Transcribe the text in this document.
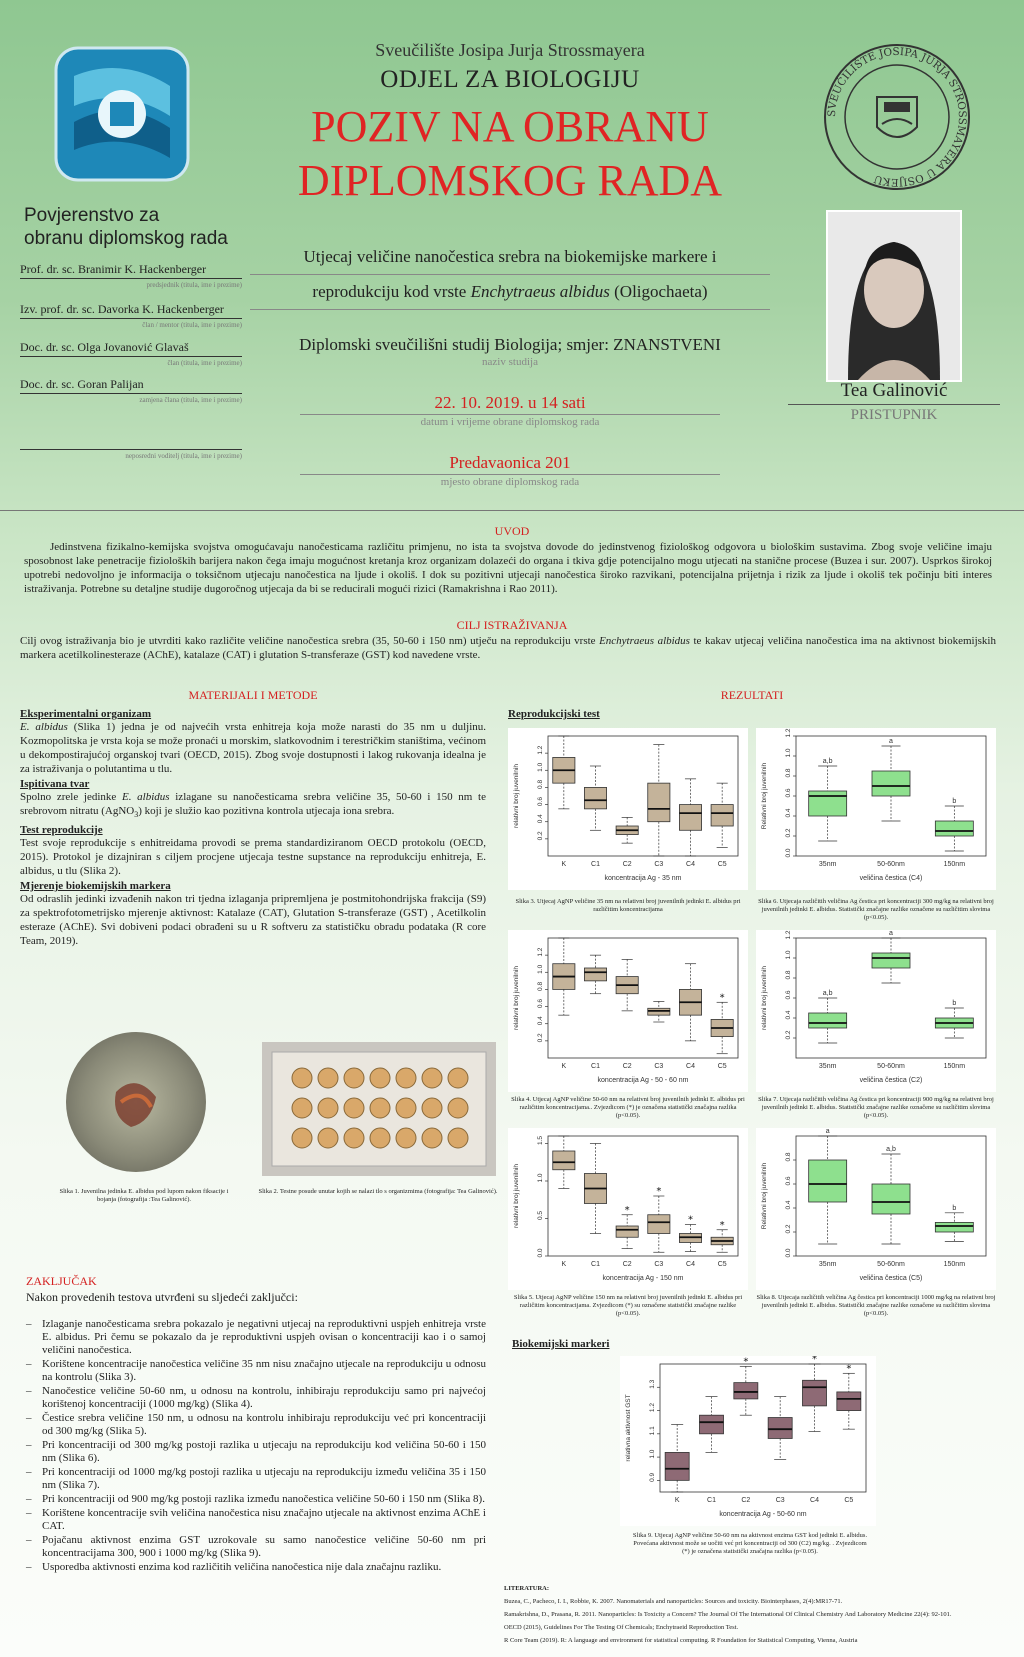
SVEUČILIŠTE JOSIPA JURJA STROSSMAYERA U OSIJEKU
Sveučilište Josipa Jurja Strossmayera
ODJEL ZA BIOLOGIJU
POZIV NA OBRANU
DIPLOMSKOG RADA
Povjerenstvo za
obranu diplomskog rada
Prof. dr. sc. Branimir K. Hackenberger
predsjednik (titula, ime i prezime)
Izv. prof. dr. sc. Davorka K. Hackenberger
član / mentor (titula, ime i prezime)
Doc. dr. sc. Olga Jovanović Glavaš
član (titula, ime i prezime)
Doc. dr. sc. Goran Palijan
zamjena člana (titula, ime i prezime)
neposredni voditelj (titula, ime i prezime)
Utjecaj veličine nanočestica srebra na biokemijske markere i
reprodukciju kod vrste Enchytraeus albidus (Oligochaeta)
Diplomski sveučilišni studij Biologija; smjer: ZNANSTVENI
naziv studija
22. 10. 2019. u 14 sati
datum i vrijeme obrane diplomskog rada
Predavaonica 201
mjesto obrane diplomskog rada
Tea Galinović
PRISTUPNIK
UVOD
Jedinstvena fizikalno-kemijska svojstva omogućavaju nanočesticama različitu primjenu, no ista ta svojstva dovode do jedinstvenog fiziološkog odgovora u biološkim sustavima. Zbog svoje veličine imaju sposobnost lake penetracije fizioloških barijera nakon čega imaju mogućnost kretanja kroz organizam dolazeći do organa i tkiva gdje potencijalno mogu utjecati na stanične procese (Buzea i sur. 2007). Usprkos širokoj upotrebi nedovoljno je informacija o toksičnom utjecaju nanočestica na ljude i okoliš. I dok su pozitivni utjecaji nanočestica široko razvikani, potencijalna prijetnja i rizik za ljude i okoliš tek počinju biti interes istraživanja. Potrebne su detaljne studije dugoročnog utjecaja da bi se reducirali mogući rizici (Ramakrishna i Rao 2011).
CILJ ISTRAŽIVANJA
Cilj ovog istraživanja bio je utvrditi kako različite veličine nanočestica srebra (35, 50-60 i 150 nm) utječu na reprodukciju vrste Enchytraeus albidus te kakav utjecaj veličina nanočestica ima na aktivnost biokemijskih markera acetilkolinesteraze (AChE), katalaze (CAT) i glutation S-transferaze (GST) kod navedene vrste.
MATERIJALI I METODE
Eksperimentalni organizam
E. albidus (Slika 1) jedna je od najvećih vrsta enhitreja koja može narasti do 35 nm u duljinu. Kozmopolitska je vrsta koja se može pronaći u morskim, slatkovodnim i terestričkim staništima, većinom u dekompostirajućoj organskoj tvari (OECD, 2015). Zbog svoje dostupnosti i lakog rukovanja idealna je za istraživanja o polutantima u tlu.
Ispitivana tvar
Spolno zrele jedinke E. albidus izlagane su nanočesticama srebra veličine 35, 50-60 i 150 nm te srebrovom nitratu (AgNO$_3$) koji je služio kao pozitivna kontrola utjecaja iona srebra.
Test reprodukcije
Test svoje reprodukcije s enhitreidama provodi se prema standardiziranom OECD protokolu (OECD, 2015). Protokol je dizajniran s ciljem procjene utjecaja testne supstance na reprodukciju enhitreja, E. albidus, u tlu (Slika 2).
Mjerenje biokemijskih markera
Od odraslih jedinki izvađenih nakon tri tjedna izlaganja pripremljena je postmitohondrijska frakcija (S9) za spektrofotometrijsko mjerenje aktivnost: Katalaze (CAT), Glutation S-transferaze (GST) , Acetilkolin esteraze (AChE). Svi dobiveni podaci obrađeni su u R softveru za statističku obradu podataka (R core Team, 2019).
Slika 1. Juvenilna jedinka E. albidus pod lupom nakon fiksacije i bojanja (fotografija :Tea Galinović).
Slika 2. Testne posude unutar kojih se nalazi tlo s organizmima (fotografija: Tea Galinović).
REZULTATI
Reprodukcijski test
0.2
0.4
0.6
0.8
1.0
1.2
relativni broj juvenilnih
K	C1	C2	C3	C4	C5
koncentracija Ag - 35 nm
Slika 3. Utjecaj AgNP veličine 35 nm na relativni broj juvenilnih jedinki E. albidus pri različitim koncentracijama
0.0
0.2
0.4
0.6
0.8
1.0
1.2
Relativni broj juvenilnih
35nm
a,b
50-60nm
a
150nm
b
veličina čestica (C4)
Slika 6. Utjecaja različitih veličina Ag čestica pri koncentraciji 300 mg/kg na relativni broj juvenilnih jedinki E. albidus. Statistički značajne razlike označene su različitim slovima (p<0.05).
0.2
0.4
0.6
0.8
1.0
1.2
relativni broj juvenilnih
K	C1	C2	C3	C4	C5
*
koncentracija Ag - 50 - 60 nm
Slika 4. Utjecaj AgNP veličine 50-60 nm na relativni broj juvenilnih jedinki E. albidus pri različitim koncentracijama.. Zvjezdicom (*) je označena statistički značajna razlika (p<0.05).
0.2
0.4
0.6
0.8
1.0
1.2
relativni broj juvenilnih
35nm
a,b
50-60nm
a
150nm
b
veličina čestica (C2)
Slika 7. Utjecaja različitih veličina Ag čestica pri koncentraciji 900 mg/kg na relativni broj juvenilnih jedinki E. albidus. Statistički značajne razlike označene su različitim slovima (p<0.05).
0.0
0.5
1.0
1.5
relativni broj juvenilnih
K	C1	C2
*
C3
*
C4
*
C5
*
koncentracija Ag - 150 nm
Slika 5. Utjecaj AgNP veličine 150 nm na relativni broj juvenilnih jedinki E. albidus pri različitim koncentracijama. Zvjezdicom (*) su označene statistički značajne razlike (p<0.05).
0.0
0.2
0.4
0.6
0.8
Relativni broj juvenilnih
35nm
a
50-60nm
a,b
150nm
b
veličina čestica (C5)
Slika 8. Utjecaja različitih veličina Ag čestica pri koncentraciji 1000 mg/kg na relativni broj juvenilnih jedinki E. albidus. Statistički značajne razlike označene su različitim slovima (p<0.05).
Biokemijski markeri
0.9
1.0
1.1
1.2
1.3
relativna aktivnost GST
K	C1	C2
*
C3	C4
*
C5
*
koncentracija Ag - 50-60 nm
Slika 9. Utjecaj AgNP veličine 50-60 nm na aktivnost enzima GST kod jedinki E. albidus. Povećana aktivnost može se uočiti već pri koncentraciji od 300 (C2) mg/kg. . Zvjezdicom (*) je označena statistički značajna razlika (p<0.05).
ZAKLJUČAK
Nakon provedenih testova utvrđeni su sljedeći zaključci:
– Izlaganje nanočesticama srebra pokazalo je negativni utjecaj na reproduktivni uspjeh enhitreja vrste E. albidus. Pri čemu se pokazalo da je reproduktivni uspjeh ovisan o koncentraciji kao i o samoj veličini nanočestica.
– Korištene koncentracije nanočestica veličine 35 nm nisu značajno utjecale na reprodukciju u odnosu na kontrolu (Slika 3).
– Nanočestice veličine 50-60 nm, u odnosu na kontrolu, inhibiraju reprodukciju samo pri najvećoj korištenoj koncentraciji (1000 mg/kg) (Slika 4).
– Čestice srebra veličine 150 nm, u odnosu na kontrolu inhibiraju reprodukciju već pri koncentraciji od 300 mg/kg (Slika 5).
– Pri koncentraciji od 300 mg/kg postoji razlika u utjecaju na reprodukciju kod veličina 50-60 i 150 nm (Slika 6).
– Pri koncentraciji od 1000 mg/kg postoji razlika u utjecaju na reprodukciju između veličina 35 i 150 nm (Slika 7).
– Pri koncentraciji od 900 mg/kg postoji razlika između nanočestica veličine 50-60 i 150 nm (Slika 8).
– Korištene koncentracije svih veličina nanočestica nisu značajno utjecale na aktivnost enzima AChE i CAT.
– Pojačanu aktivnost enzima GST uzrokovale su samo nanočestice veličine 50-60 nm pri koncentracijama 300, 900 i 1000 mg/kg (Slika 9).
– Usporedba aktivnosti enzima kod različitih veličina nanočestica nije dala značajnu razliku.
LITERATURA:
Buzea, C., Pacheco, I. I., Robbie, K. 2007. Nanomaterials and nanoparticles: Sources and toxicity. Biointerphases, 2(4):MR17-71.
Ramakrishna, D., Prasana, R. 2011. Nanoparticles: Is Toxicity a Concern? The Journal Of The International Of Clinical Chemistry And Laboratory Medicine 22(4): 92-101.
OECD (2015), Guidelines For The Testing Of Chemicals; Enchytraeid Reproduction Test.
R Core Team (2019). R: A language and environment for statistical computing. R Foundation for Statistical Computing, Vienna, Austria
